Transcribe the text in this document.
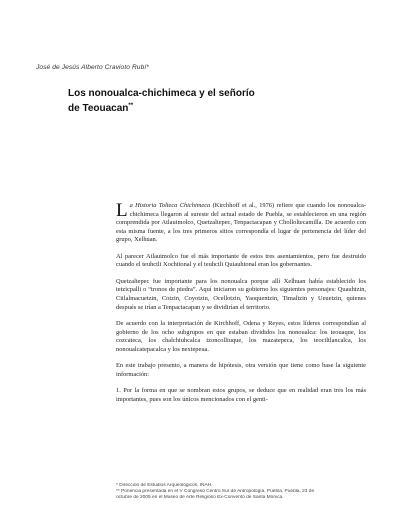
José de Jesús Alberto Cravioto Rubí*
Los nonoualca-chichimeca y el señorío
de Teouacan**

La Historia Tolteca Chichimeca (Kirchhoff et al., 1976) refiere que cuando los nonoualca-chichimeca llegaron al sureste del actual estado de Puebla, se establecieron en una región comprendida por Atlauimolco, Quetzaltepec, Tenpactacapan y Cholloltecamilla. De acuerdo con esta misma fuente, a los tres primeros sitios correspondía el lugar de pertenencia del líder del grupo, Xelhuan.

Al parecer Atlauimolco fue el más importante de estos tres asentamientos, pero fue destruido cuando el teuhctli Xochitonal y el teuhctli Quiauhtonal eran los gobernantes.

Quetzaltepec fue importante para los nonoualca porque allí Xelhuan había establecido los tetzicpalli o “tronos de piedra”. Aquí iniciaron su gobierno los siguientes personajes: Quauhtzin, Citlalmacuetzin, Cotzin, Coyotzin, Ocellotzin, Yaoquentzin, Timaltzin y Ueuetzin, quienes después se irían a Tenpactacapan y se dividirían el territorio.

De acuerdo con la interpretación de Kirchhoff, Odena y Reyes, estos líderes correspondían al gobierno de los ocho subgrupos en que estaban divididos los nonoualca: los teouaque, los cozcateca, los chalchiuhcalca tzoncolliuque, los mazatepeca, los teociltlancalca, los nonoualcatepacalca y los nextepeua.

En este trabajo presento, a manera de hipótesis, otra versión que tiene como base la siguiente información:

1. Por la forma en que se nombran estos grupos, se deduce que en realidad eran tres los más importantes, pues son los únicos mencionados con el genti-

* Dirección de Estudios Arqueológicos, INAH.
** Ponencia presentada en el V Congreso Centro Sur de Antropología, Puebla, Puebla, 23 de
octubre de 2005 en el Museo de Arte Religioso Ex-Convento de Santa Mónica.
